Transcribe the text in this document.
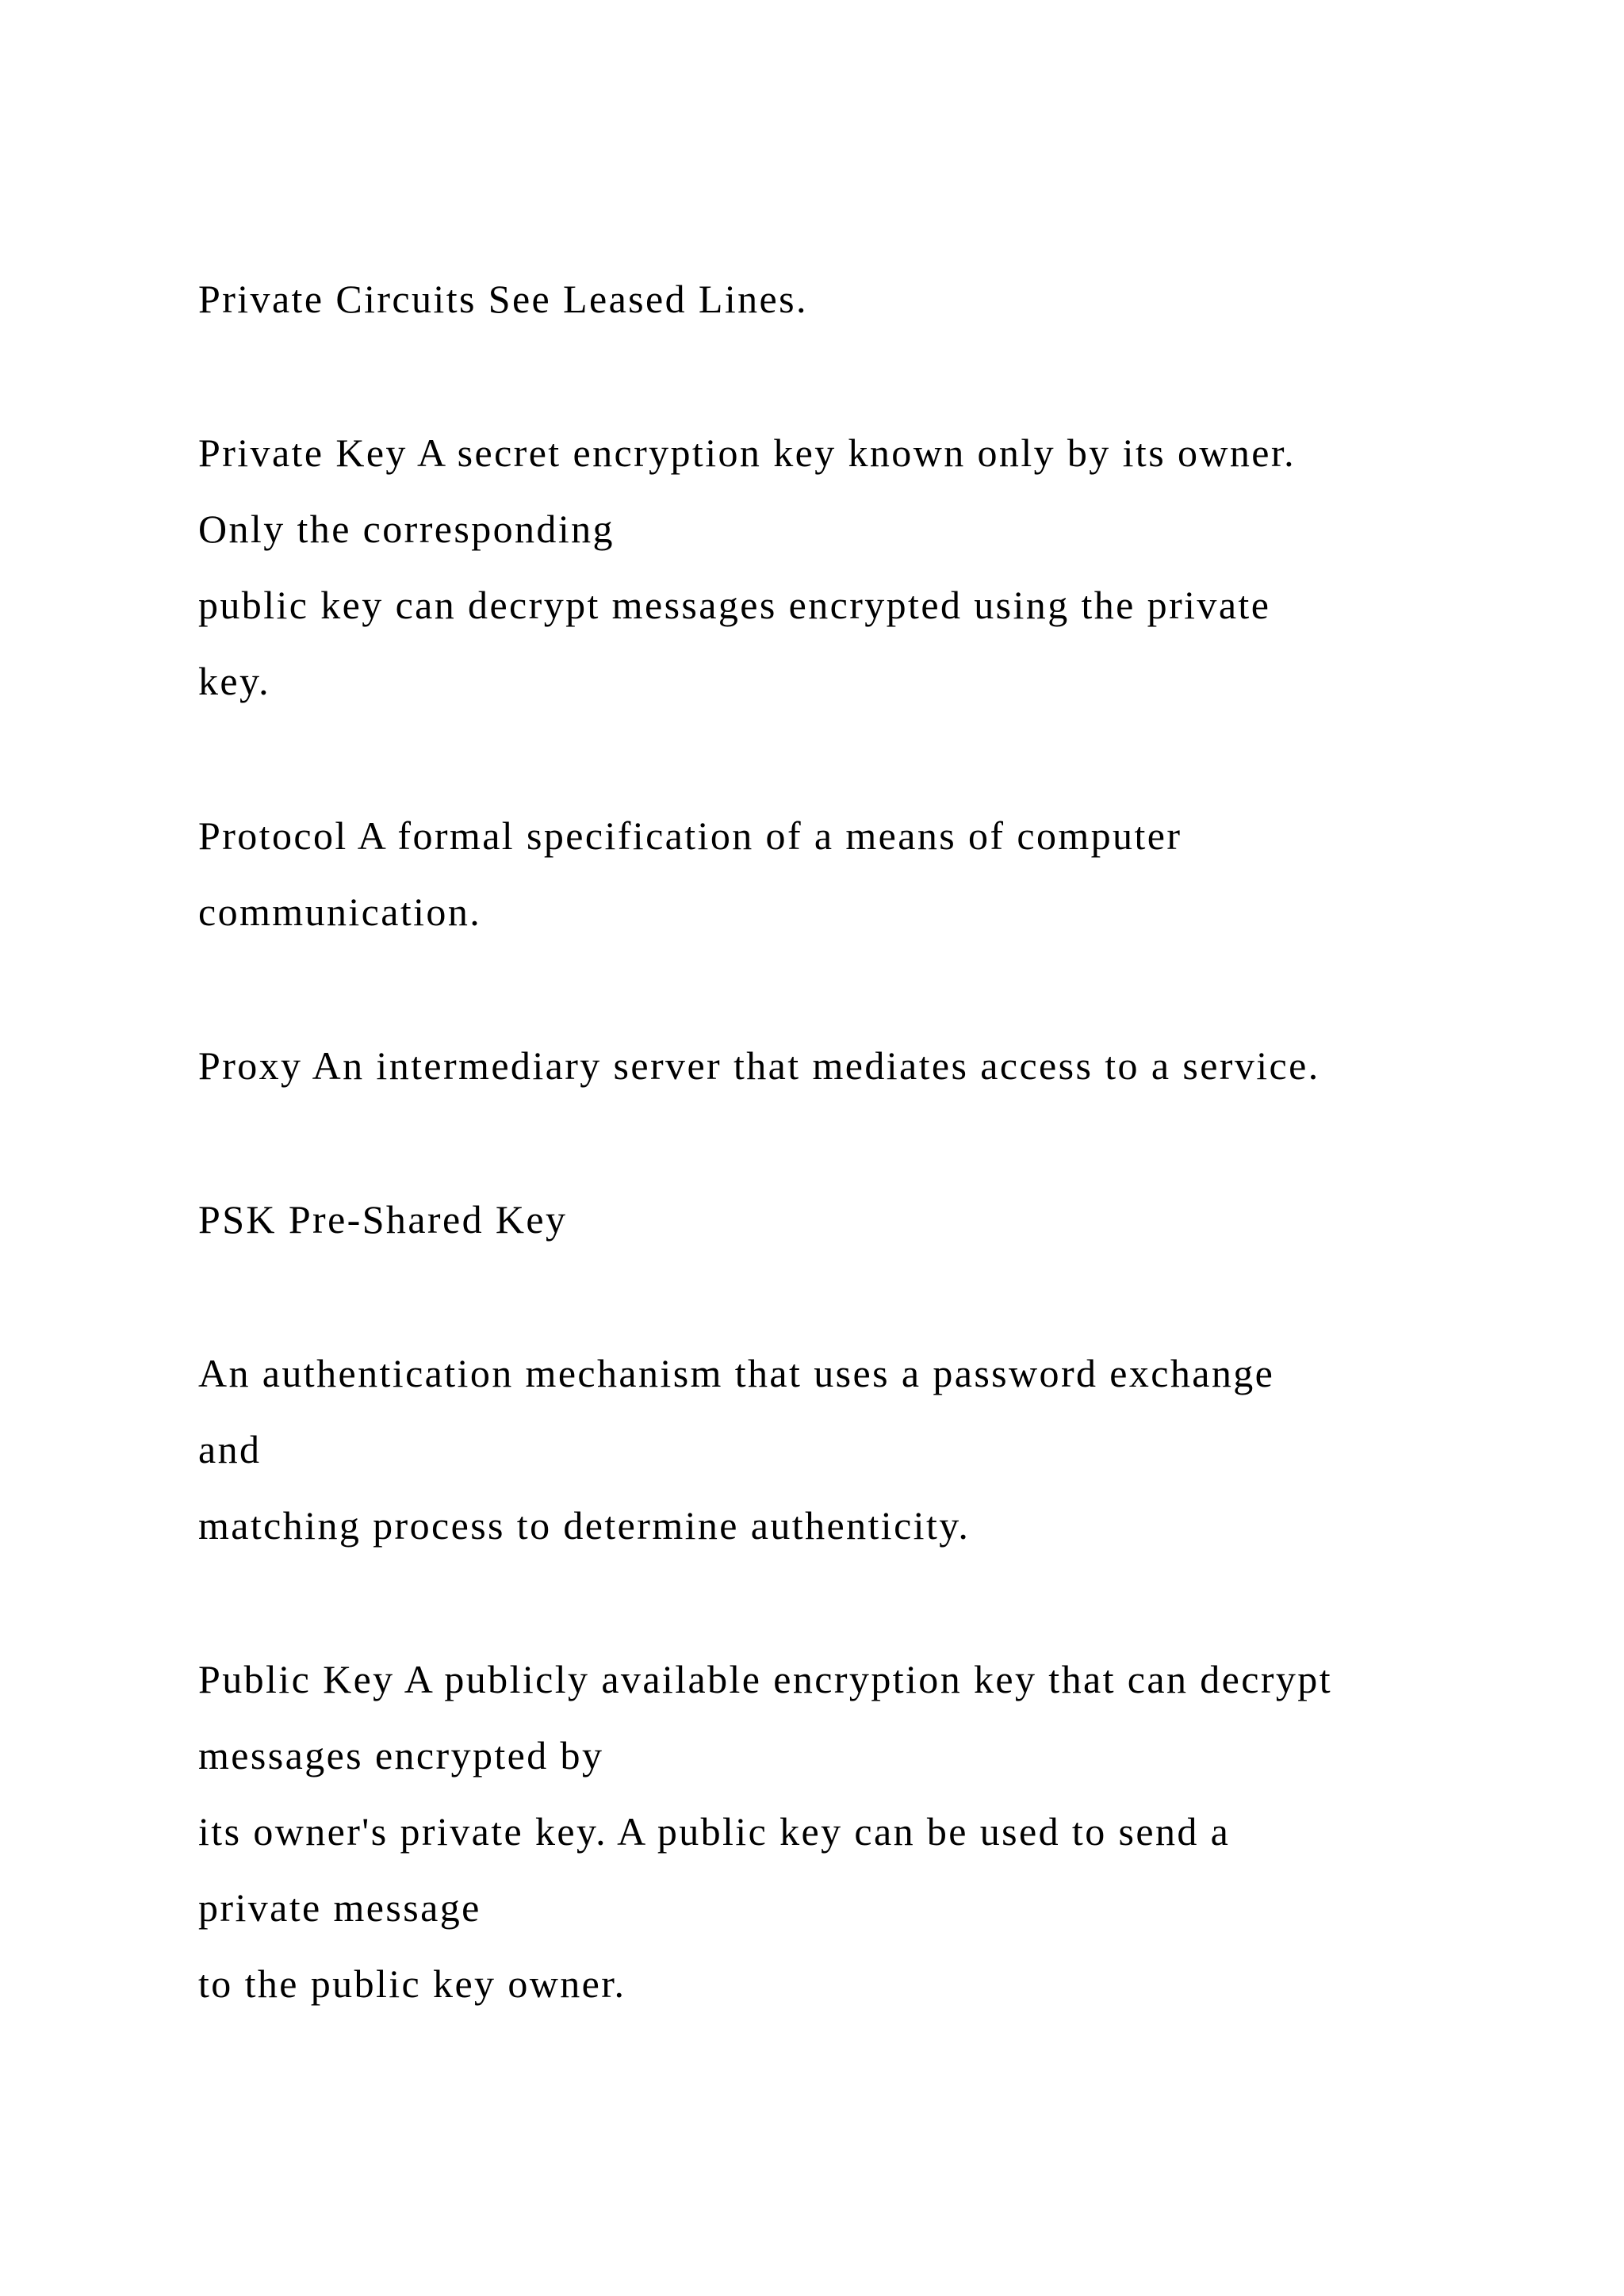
Private Circuits See Leased Lines.

Private Key A secret encryption key known only by its owner.

Only the corresponding

public key can decrypt messages encrypted using the private

key.

Protocol A formal specification of a means of computer

communication.

Proxy An intermediary server that mediates access to a service.

PSK Pre-Shared Key

An authentication mechanism that uses a password exchange

and

matching process to determine authenticity.

Public Key A publicly available encryption key that can decrypt

messages encrypted by

its owner's private key. A public key can be used to send a

private message

to the public key owner.
